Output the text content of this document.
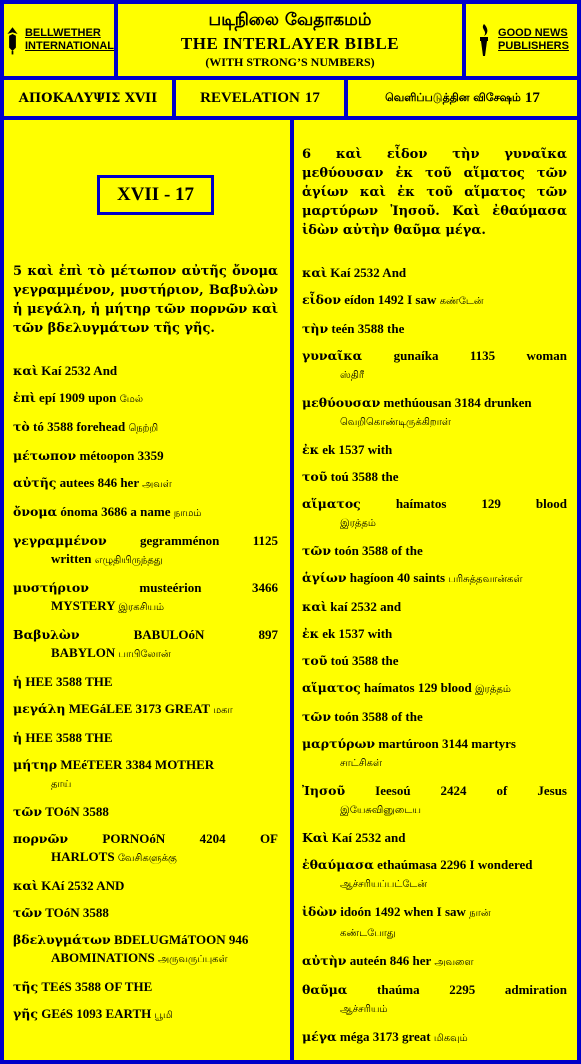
BELLWETHER
INTERNATIONAL
படிநிலை வேதாகமம்
THE INTERLAYER BIBLE
(WITH STRONG’S NUMBERS)
GOOD NEWS
PUBLISHERS
ΑΠΟΚΑΛΥΨΙΣ XVII	REVELATION 17	வெளிப்படுத்தின விசேஷம் 17
XVII - 17
5 καὶ ἐπὶ τὸ μέτωπον αὐτῆς ὄνομα γεγραμμένον, μυστήριον, Βαβυλὼν ἡ μεγάλη, ἡ μήτηρ τῶν πορνῶν καὶ τῶν βδελυγμάτων τῆς γῆς.
καὶ Kaí 2532 And
ἐπὶ epí 1909 upon மேல்
τὸ tó 3588 forehead நெற்றி
μέτωπον métoopon 3359
αὐτῆς autees 846 her அவள்
ὄνομα ónoma 3686 a name நாமம்
γεγραμμένον	gegramménon	1125
written எழுதியிருந்தது
μυστήριον	musteérion	3466
MYSTERY இரகசியம்
Βαβυλὼν	BABULOóN	897
BABYLON பாபிலோன்
ἡ HEE 3588 THE
μεγάλη MEGáLEE 3173 GREAT மகா
ἡ HEE 3588 THE
μήτηρ MEéTEER 3384 MOTHER
தாய்
τῶν TOóN 3588
πορνῶν	PORNOóN	4204	OF
HARLOTS வேசிகளுக்கு
καὶ KAí 2532 AND
τῶν TOóN 3588
βδελυγμάτων BDELUGMáTOON 946
ABOMINATIONS அருவருப்புகள்
τῆς TEéS 3588 OF THE
γῆς GEéS 1093 EARTH பூமி
6 καὶ εἶδον τὴν γυναῖκα μεθύουσαν ἐκ τοῦ αἵματος τῶν ἁγίων καὶ ἐκ τοῦ αἵματος τῶν μαρτύρων Ἰησοῦ. Καὶ ἐθαύμασα ἰδὼν αὐτὴν θαῦμα μέγα.
καὶ Kaí 2532 And
εἶδον eídon 1492 I saw கண்டேன்
τὴν teén 3588 the
γυναῖκα gunaíka 1135 woman
ஸ்திரீ
μεθύουσαν methúousan 3184 drunken
வெறிகொண்டிருக்கிறாள்
ἐκ ek 1537 with
τοῦ toú 3588 the
αἵματος	haímatos	129	blood
இரத்தம்
τῶν toón 3588 of the
ἁγίων hagíoon 40 saints பரிசுத்தவான்கள்
καὶ kaí 2532 and
ἐκ ek 1537 with
τοῦ toú 3588 the
αἵματος haímatos 129 blood இரத்தம்
τῶν toón 3588 of the
μαρτύρων martúroon 3144 martyrs
சாட்சிகள்
Ἰησοῦ Ieesoú 2424 of Jesus
இயேசுவினுடைய
Καὶ Kaí 2532 and
ἐθαύμασα ethaúmasa 2296 I wondered
ஆச்சரியப்பட்டேன்
ἰδὼν idoón 1492 when I saw நான்
கண்டபோது
αὐτὴν auteén 846 her அவளை
θαῦμα thaúma 2295 admiration
ஆச்சரியம்
μέγα méga 3173 great மிகவும்
